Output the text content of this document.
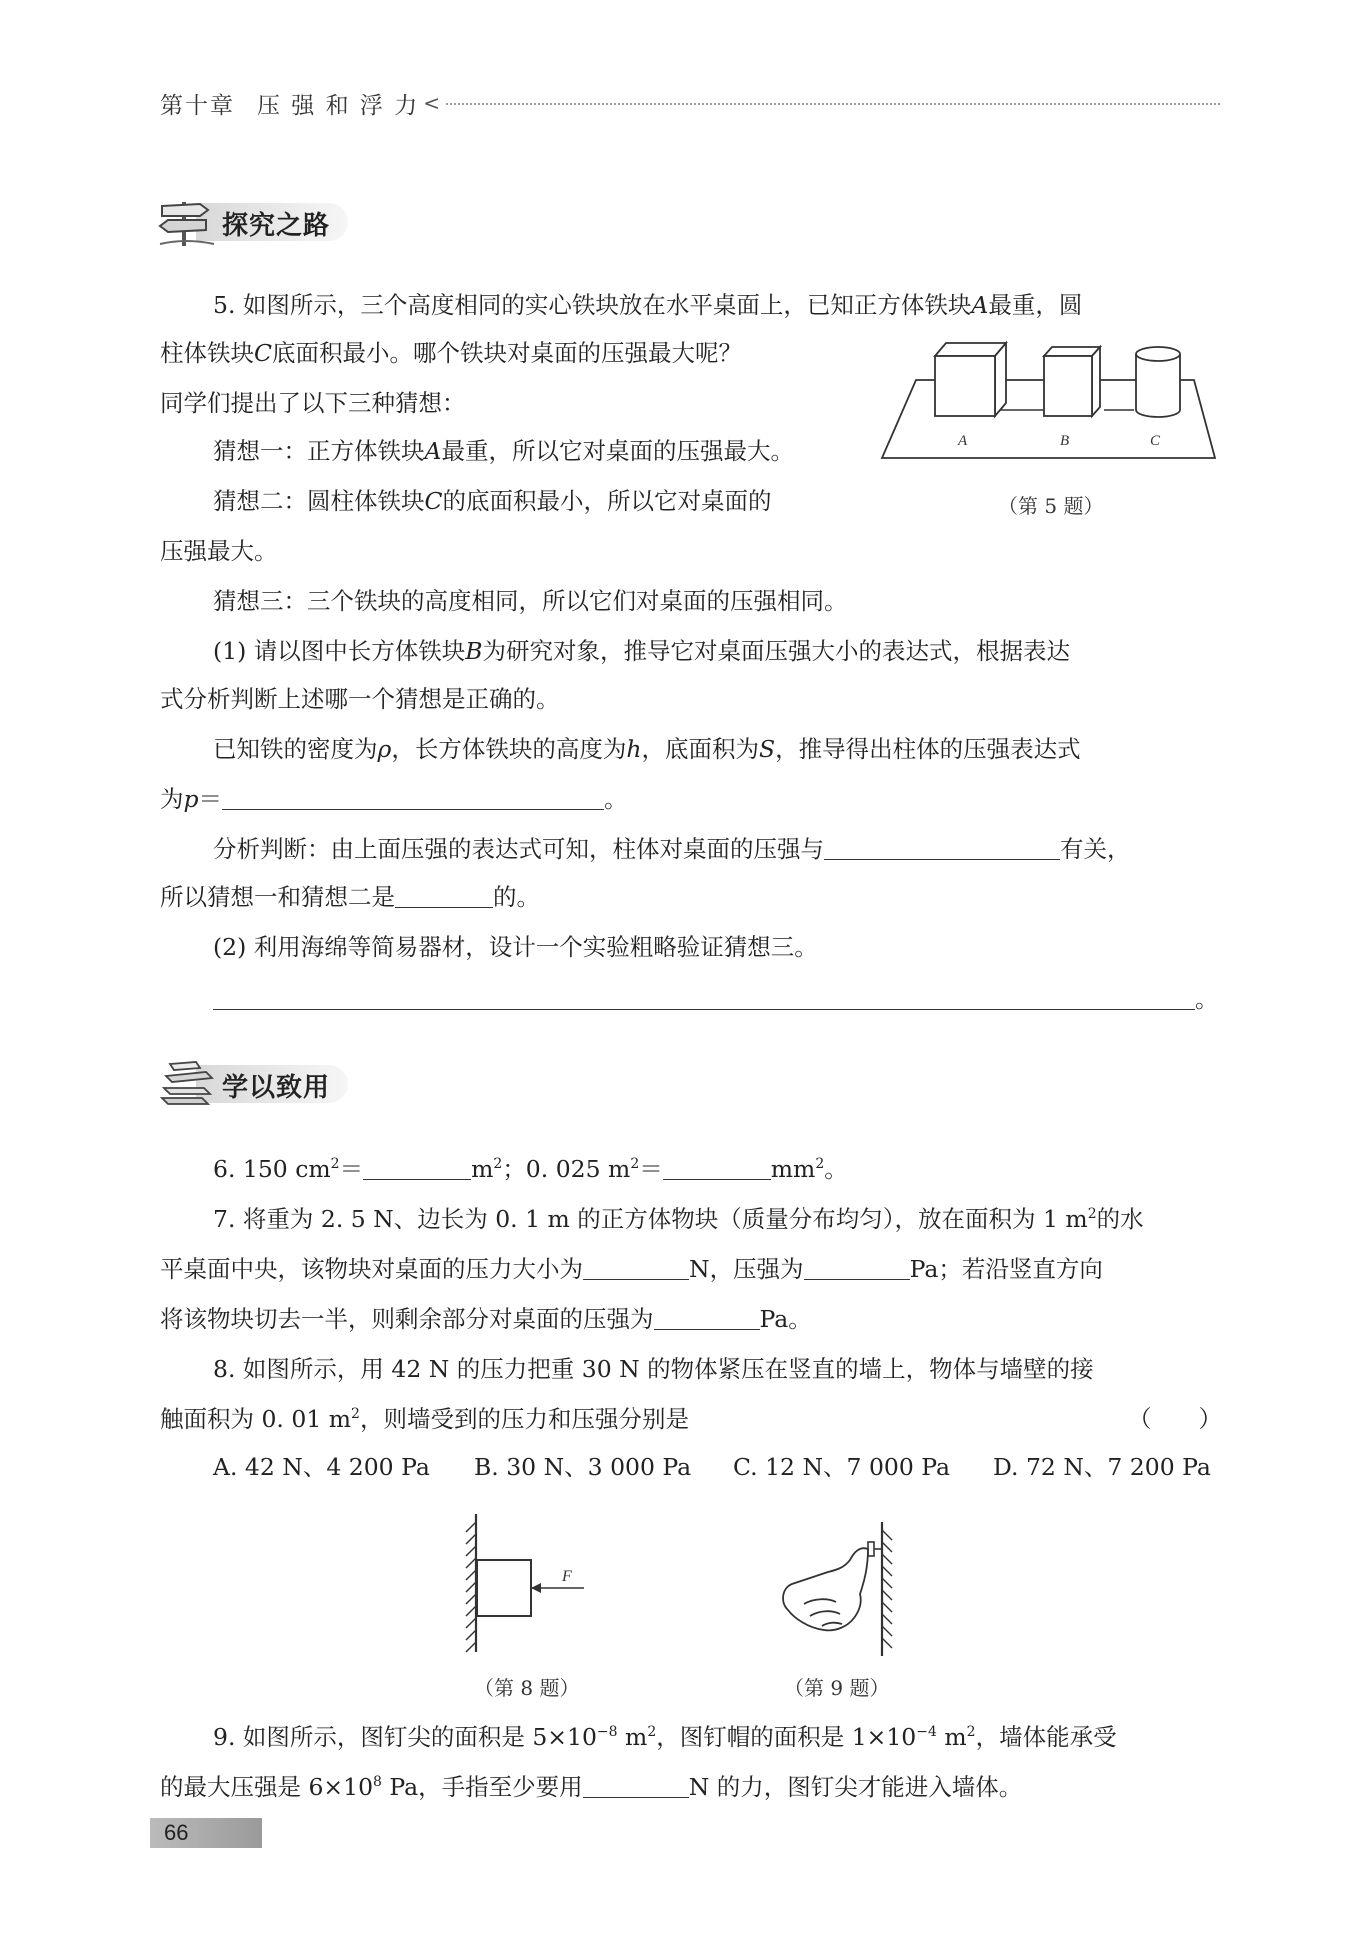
第十章 压 强 和 浮 力 <
探究之路
5. 如图所示，三个高度相同的实心铁块放在水平桌面上，已知正方体铁块A最重，圆
柱体铁块C底面积最小。哪个铁块对桌面的压强最大呢？
同学们提出了以下三种猜想：
猜想一：正方体铁块A最重，所以它对桌面的压强最大。
猜想二：圆柱体铁块C的底面积最小，所以它对桌面的
压强最大。
猜想三：三个铁块的高度相同，所以它们对桌面的压强相同。
(1) 请以图中长方体铁块B为研究对象，推导它对桌面压强大小的表达式，根据表达
式分析判断上述哪一个猜想是正确的。
已知铁的密度为ρ，长方体铁块的高度为h，底面积为S，推导得出柱体的压强表达式
为p＝	。
分析判断：由上面压强的表达式可知，柱体对桌面的压强与	有关，
所以猜想一和猜想二是	的。
(2) 利用海绵等简易器材，设计一个实验粗略验证猜想三。
。
A	B	C
（第 5 题）
学以致用
6. 150 $cm^2=$	$m^2$；0. 025 $m^2=$	$mm^2$。
7. 将重为 2. 5 N、边长为 0. 1 m 的正方体物块（质量分布均匀），放在面积为 1 $m^2$的水
平桌面中央，该物块对桌面的压力大小为	N，压强为	Pa；若沿竖直方向
将该物块切去一半，则剩余部分对桌面的压强为	Pa。
8. 如图所示，用 42 N 的压力把重 30 N 的物体紧压在竖直的墙上，物体与墙壁的接
触面积为 0. 01 $m^2$，则墙受到的压力和压强分别是	（　　）
A. 42 N、4 200 Pa B. 30 N、3 000 Pa C. 12 N、7 000 Pa D. 72 N、7 200 Pa
F
（第 8 题）	（第 9 题）
9. 如图所示，图钉尖的面积是 $5\times 10^{-8}$ $m^2$，图钉帽的面积是 $1\times 10^{-4}$ $m^2$，墙体能承受
的最大压强是 $6\times 10^8$ Pa，手指至少要用	N 的力，图钉尖才能进入墙体。
66
